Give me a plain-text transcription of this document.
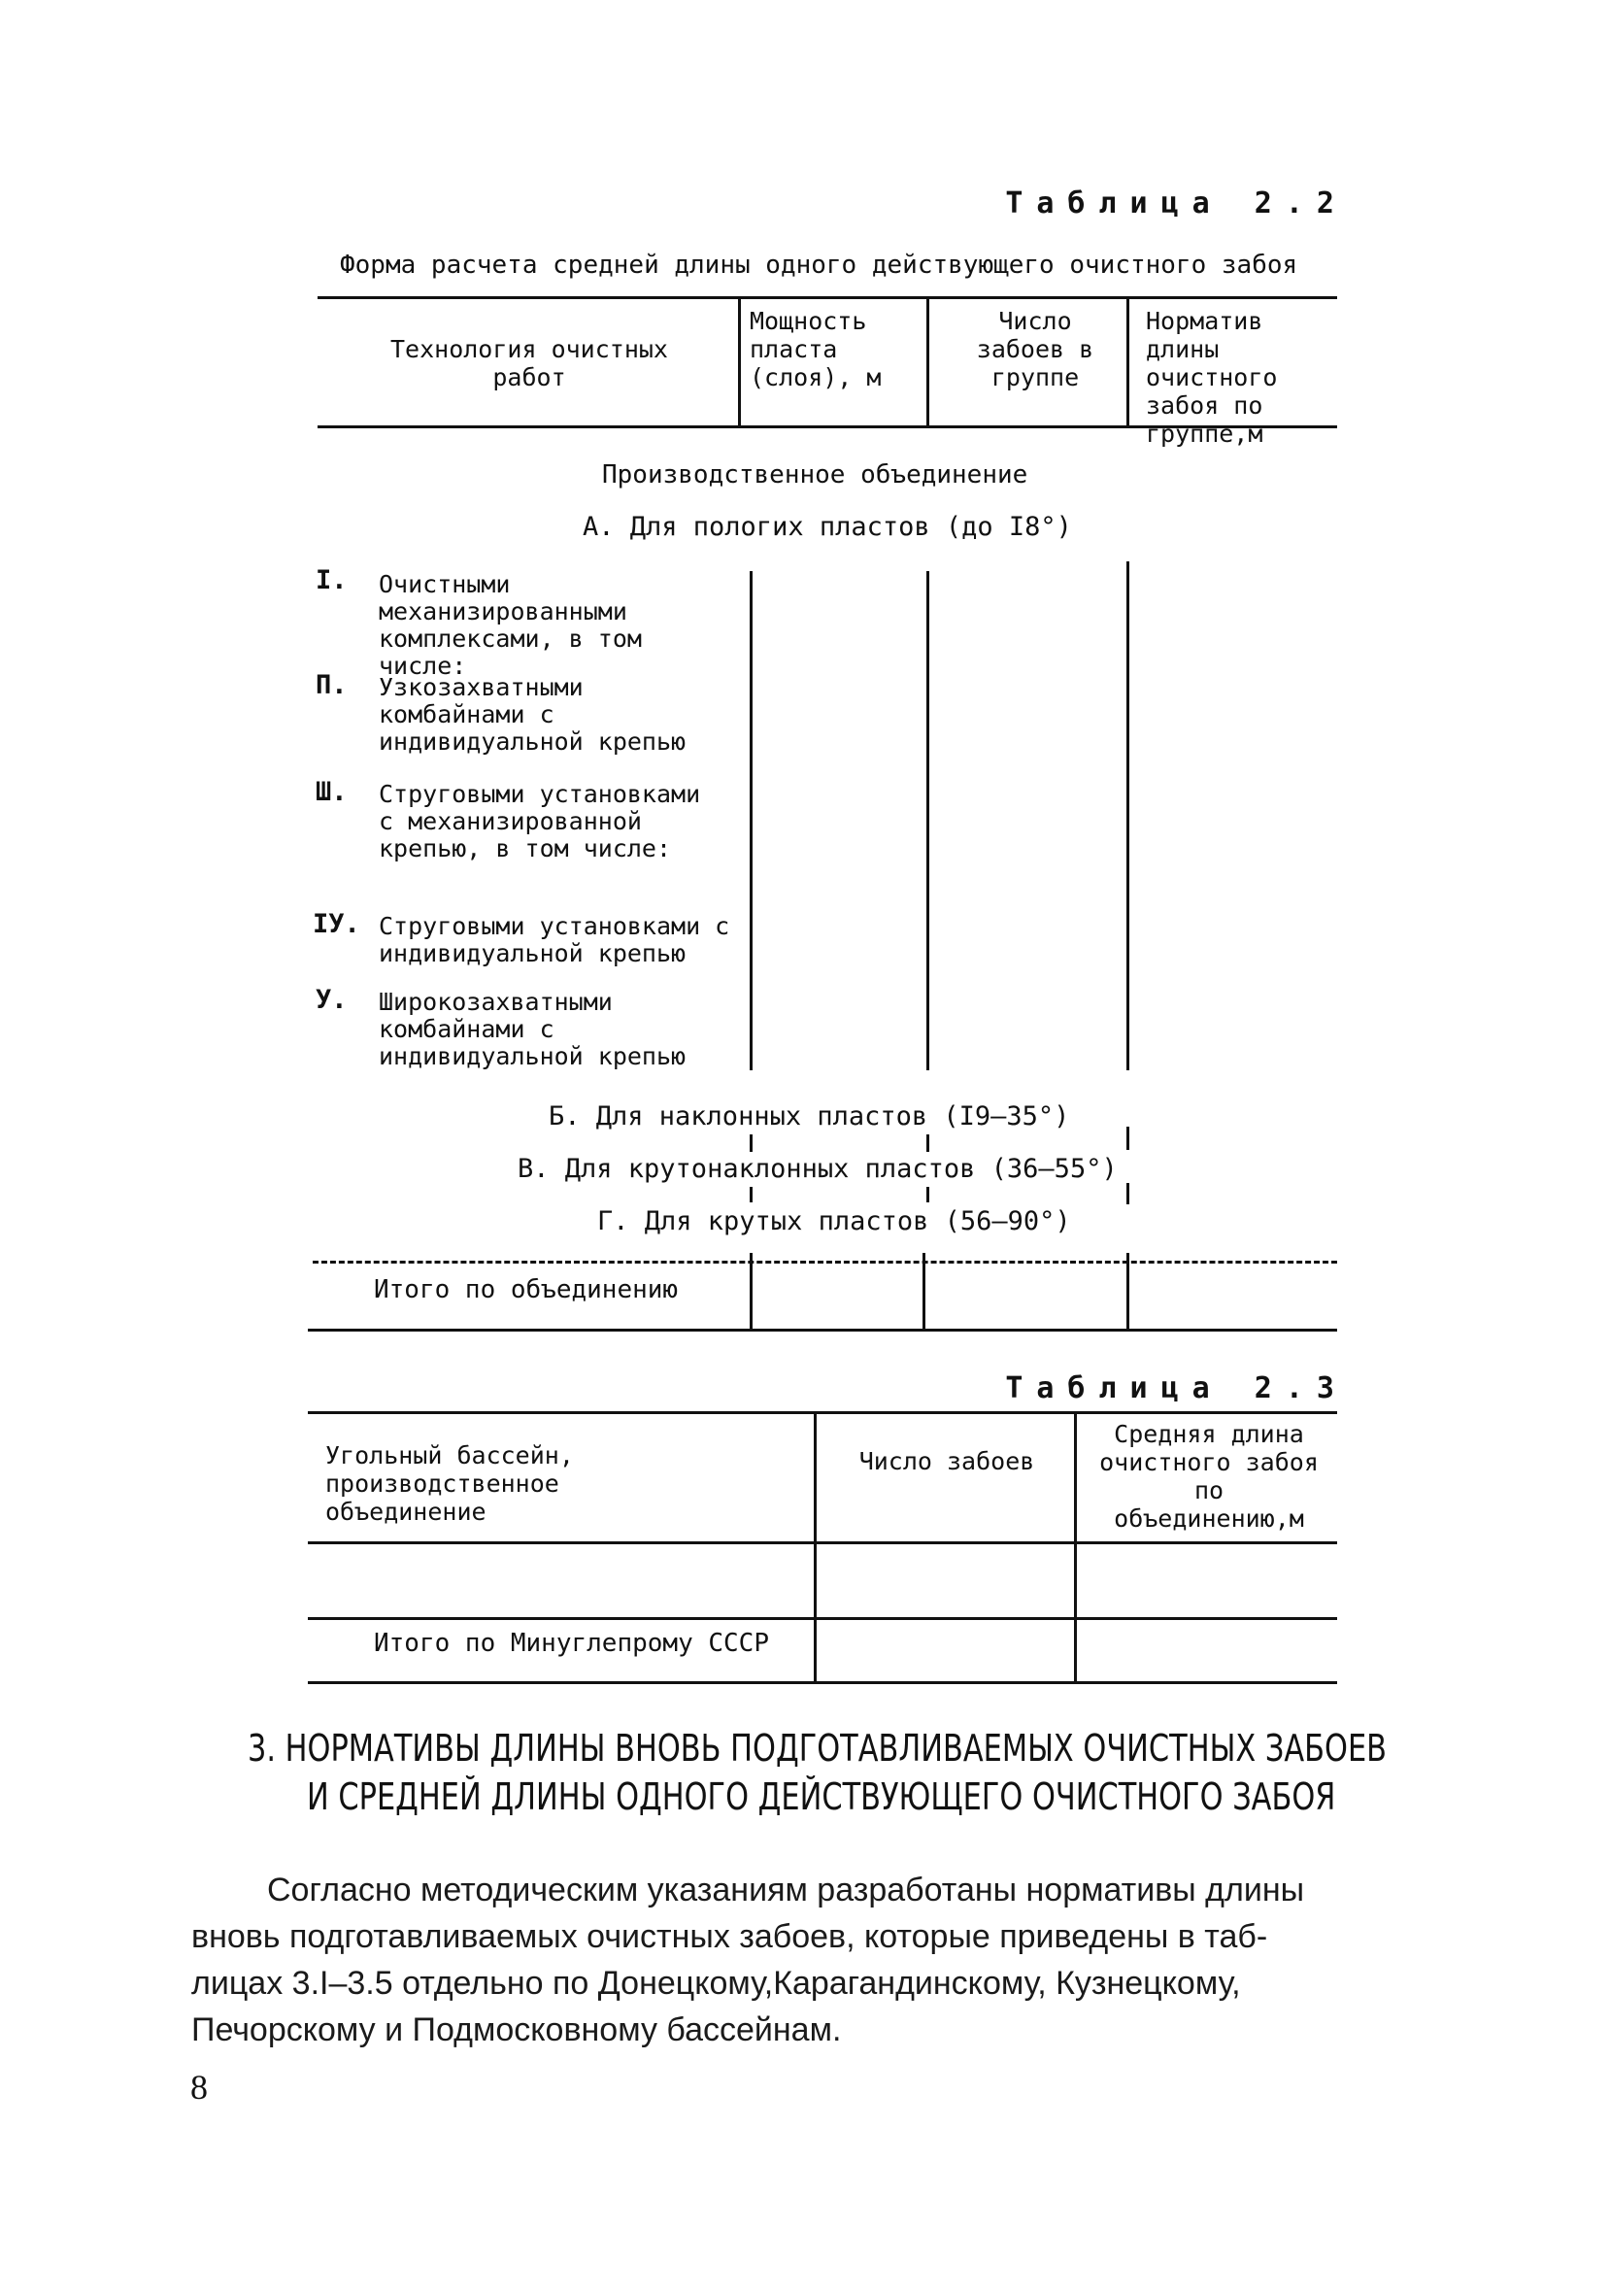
Таблица 2.2
Форма расчета средней длины одного действующего очистного забоя
Технология очистных работ
Мощность пласта (слоя), м
Число забоев в группе
Норматив длины очистного забоя по группе,м
Производственное объединение
А. Для пологих пластов (до I8°)
I. Очистными механизированными комплексами, в том числе:
П. Узкозахватными комбайнами с индивидуальной крепью
Ш. Струговыми установками с механизированной крепью, в том числе:
IУ. Струговыми установками с индивидуальной крепью
У. Широкозахватными комбайнами с индивидуальной крепью
Б. Для наклонных пластов (I9–35°)
В. Для крутонаклонных пластов (36–55°)
Г. Для крутых пластов (56–90°)
Итого по объединению
Таблица 2.3
Угольный бассейн, производственное объединение
Число забоев
Средняя длина очистного забоя по объединению,м
Итого по Минуглепрому СССР
3. НОРМАТИВЫ ДЛИНЫ ВНОВЬ ПОДГОТАВЛИВАЕМЫХ ОЧИСТНЫХ ЗАБОЕВ
И СРЕДНЕЙ ДЛИНЫ ОДНОГО ДЕЙСТВУЮЩЕГО ОЧИСТНОГО ЗАБОЯ
Согласно методическим указаниям разработаны нормативы длины
вновь подготавливаемых очистных забоев, которые приведены в таб-
лицах 3.I–3.5 отдельно по Донецкому,Карагандинскому, Кузнецкому,
Печорскому и Подмосковному бассейнам.
8
